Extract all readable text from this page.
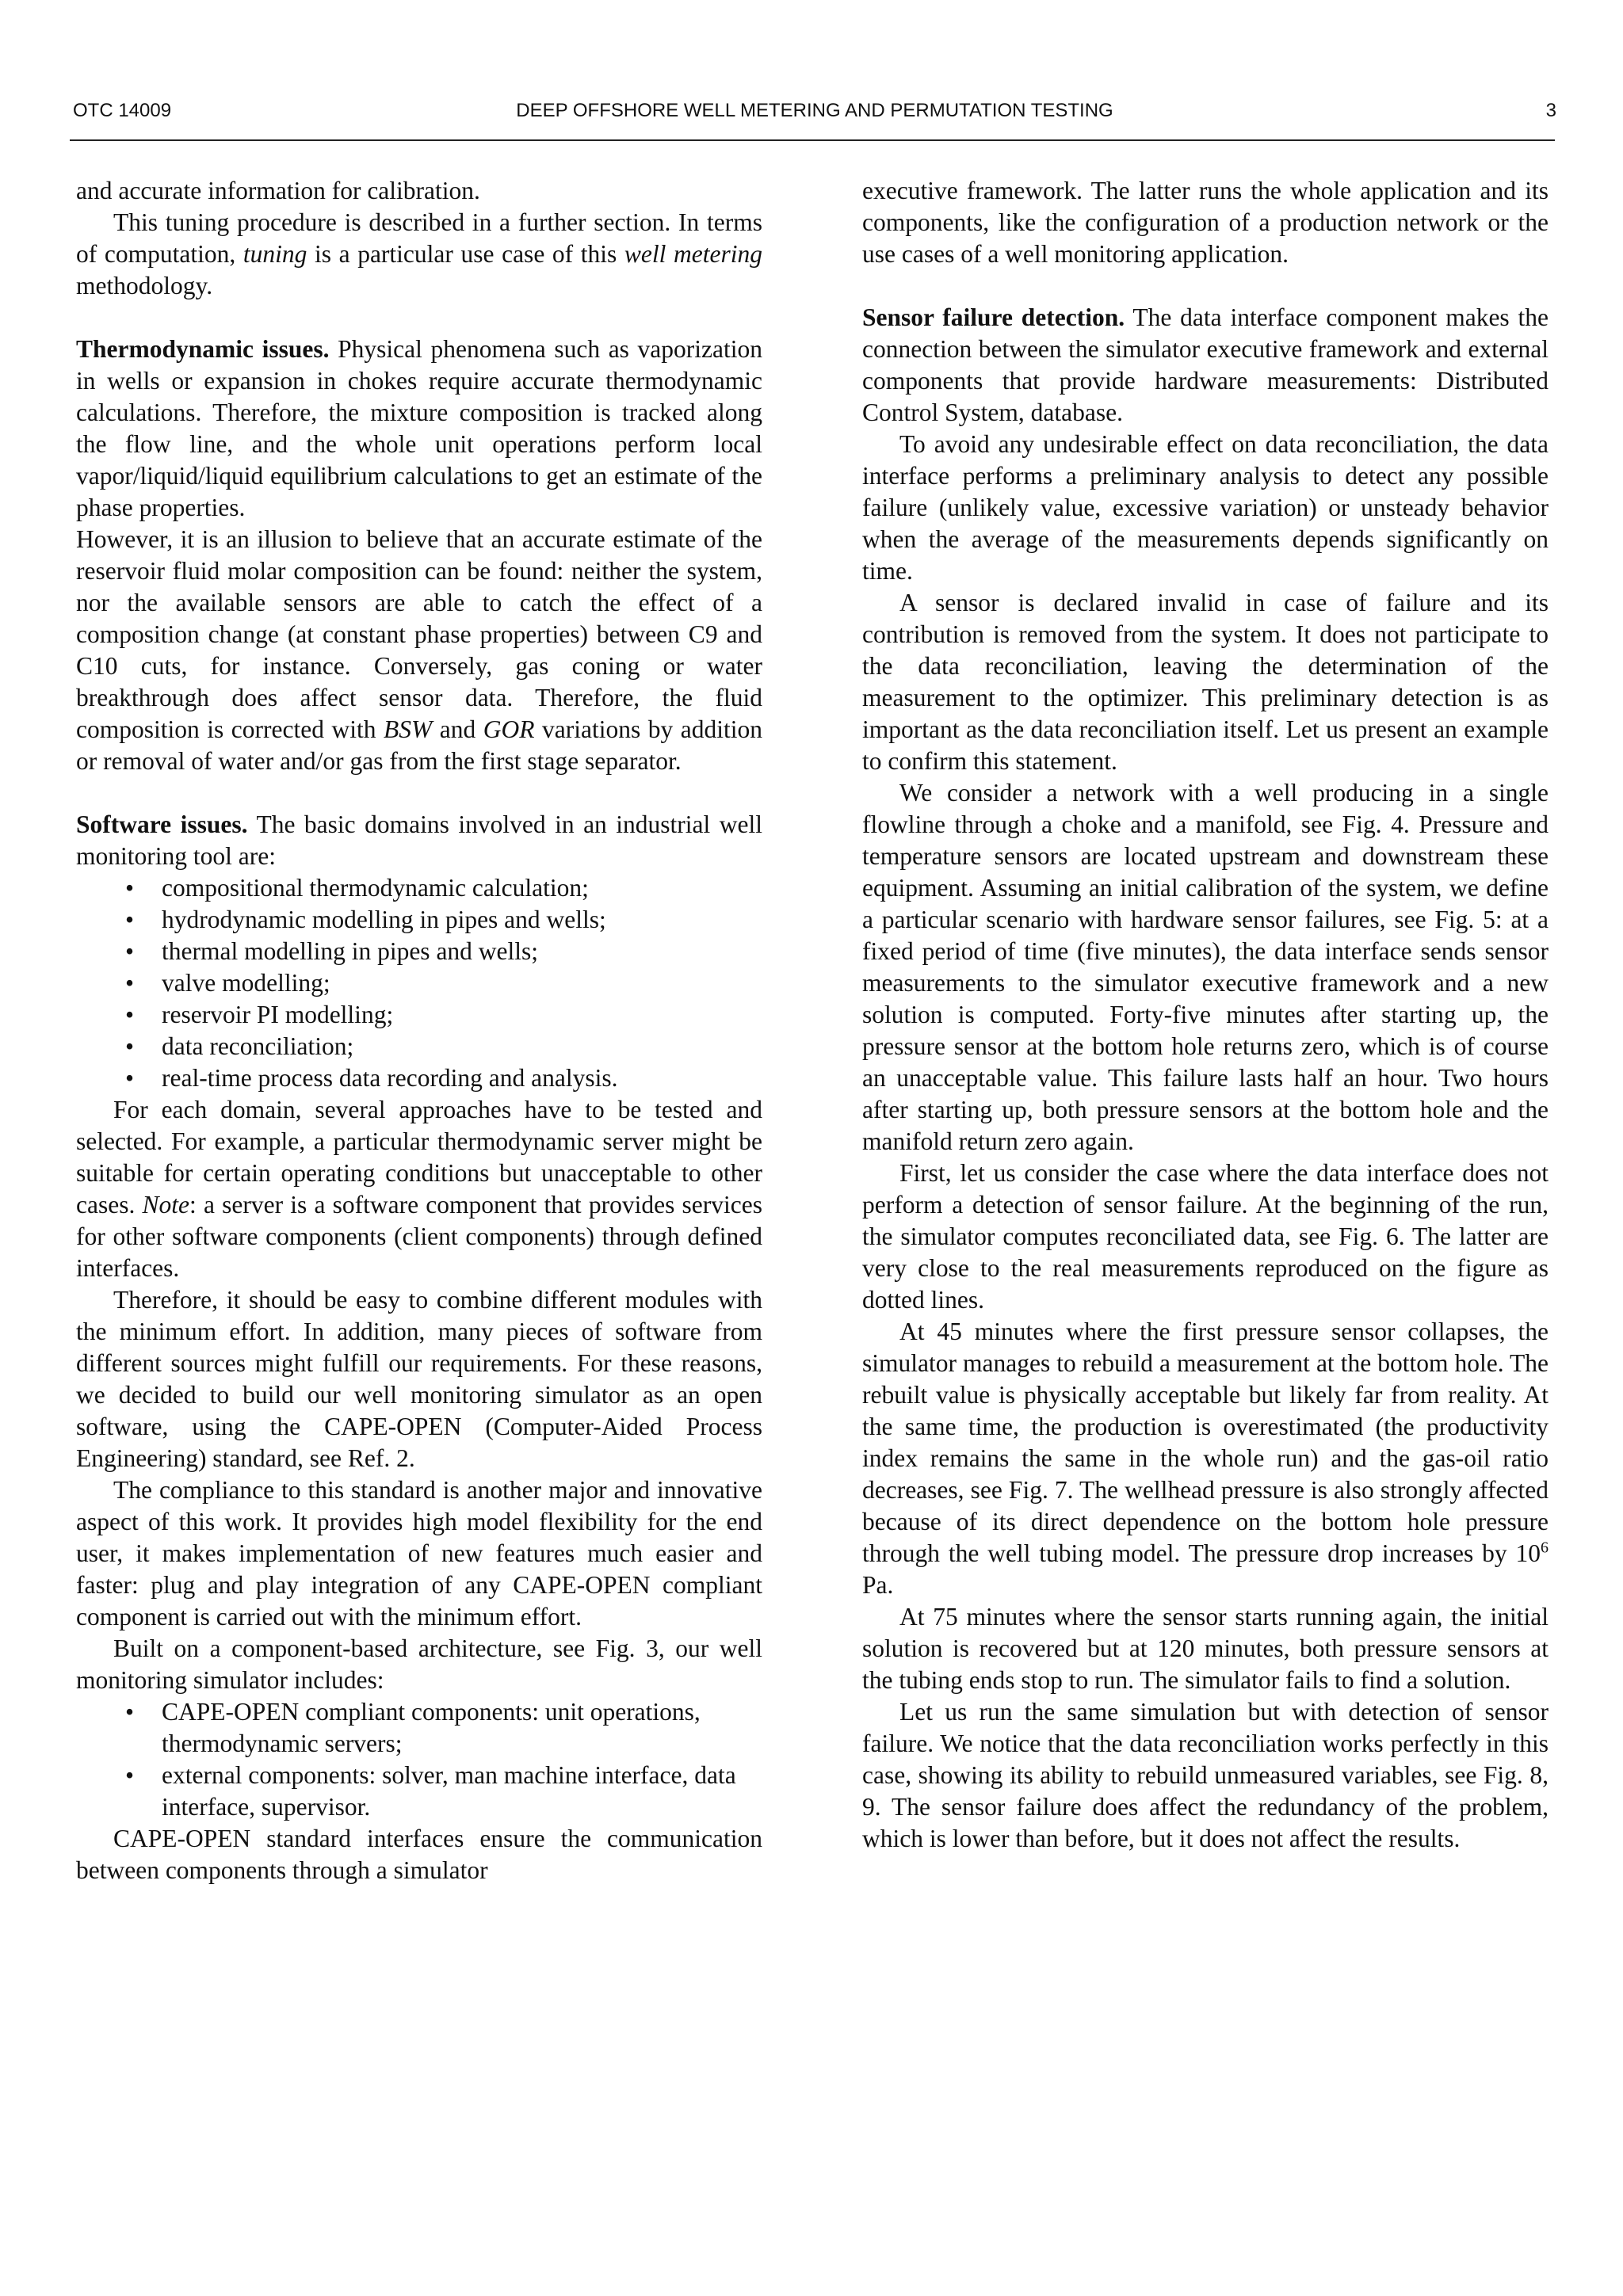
OTC 14009	DEEP OFFSHORE WELL METERING AND PERMUTATION TESTING	3

and accurate information for calibration.

This tuning procedure is described in a further section. In terms of computation, tuning is a particular use case of this well metering methodology.

Thermodynamic issues. Physical phenomena such as vaporization in wells or expansion in chokes require accurate thermodynamic calculations. Therefore, the mixture composition is tracked along the flow line, and the whole unit operations perform local vapor/liquid/liquid equilibrium calculations to get an estimate of the phase properties.

However, it is an illusion to believe that an accurate estimate of the reservoir fluid molar composition can be found: neither the system, nor the available sensors are able to catch the effect of a composition change (at constant phase properties) between C9 and C10 cuts, for instance. Conversely, gas coning or water breakthrough does affect sensor data. Therefore, the fluid composition is corrected with BSW and GOR variations by addition or removal of water and/or gas from the first stage separator.

Software issues. The basic domains involved in an industrial well monitoring tool are:

• compositional thermodynamic calculation;
• hydrodynamic modelling in pipes and wells;
• thermal modelling in pipes and wells;
• valve modelling;
• reservoir PI modelling;
• data reconciliation;
• real-time process data recording and analysis.

For each domain, several approaches have to be tested and selected. For example, a particular thermodynamic server might be suitable for certain operating conditions but unacceptable to other cases. Note: a server is a software component that provides services for other software components (client components) through defined interfaces.

Therefore, it should be easy to combine different modules with the minimum effort. In addition, many pieces of software from different sources might fulfill our requirements. For these reasons, we decided to build our well monitoring simulator as an open software, using the CAPE-OPEN (Computer-Aided Process Engineering) standard, see Ref. 2.

The compliance to this standard is another major and innovative aspect of this work. It provides high model flexibility for the end user, it makes implementation of new features much easier and faster: plug and play integration of any CAPE-OPEN compliant component is carried out with the minimum effort.

Built on a component-based architecture, see Fig. 3, our well monitoring simulator includes:

• CAPE-OPEN compliant components: unit operations, thermodynamic servers;
• external components: solver, man machine interface, data interface, supervisor.

CAPE-OPEN standard interfaces ensure the communication between components through a simulator

executive framework. The latter runs the whole application and its components, like the configuration of a production network or the use cases of a well monitoring application.

Sensor failure detection. The data interface component makes the connection between the simulator executive framework and external components that provide hardware measurements: Distributed Control System, database.

To avoid any undesirable effect on data reconciliation, the data interface performs a preliminary analysis to detect any possible failure (unlikely value, excessive variation) or unsteady behavior when the average of the measurements depends significantly on time.

A sensor is declared invalid in case of failure and its contribution is removed from the system. It does not participate to the data reconciliation, leaving the determination of the measurement to the optimizer. This preliminary detection is as important as the data reconciliation itself. Let us present an example to confirm this statement.

We consider a network with a well producing in a single flowline through a choke and a manifold, see Fig. 4. Pressure and temperature sensors are located upstream and downstream these equipment. Assuming an initial calibration of the system, we define a particular scenario with hardware sensor failures, see Fig. 5: at a fixed period of time (five minutes), the data interface sends sensor measurements to the simulator executive framework and a new solution is computed. Forty-five minutes after starting up, the pressure sensor at the bottom hole returns zero, which is of course an unacceptable value. This failure lasts half an hour. Two hours after starting up, both pressure sensors at the bottom hole and the manifold return zero again.

First, let us consider the case where the data interface does not perform a detection of sensor failure. At the beginning of the run, the simulator computes reconciliated data, see Fig. 6. The latter are very close to the real measurements reproduced on the figure as dotted lines.

At 45 minutes where the first pressure sensor collapses, the simulator manages to rebuild a measurement at the bottom hole. The rebuilt value is physically acceptable but likely far from reality. At the same time, the production is overestimated (the productivity index remains the same in the whole run) and the gas-oil ratio decreases, see Fig. 7. The wellhead pressure is also strongly affected because of its direct dependence on the bottom hole pressure through the well tubing model. The pressure drop increases by $10^6$ Pa.

At 75 minutes where the sensor starts running again, the initial solution is recovered but at 120 minutes, both pressure sensors at the tubing ends stop to run. The simulator fails to find a solution.

Let us run the same simulation but with detection of sensor failure. We notice that the data reconciliation works perfectly in this case, showing its ability to rebuild unmeasured variables, see Fig. 8, 9. The sensor failure does affect the redundancy of the problem, which is lower than before, but it does not affect the results.
